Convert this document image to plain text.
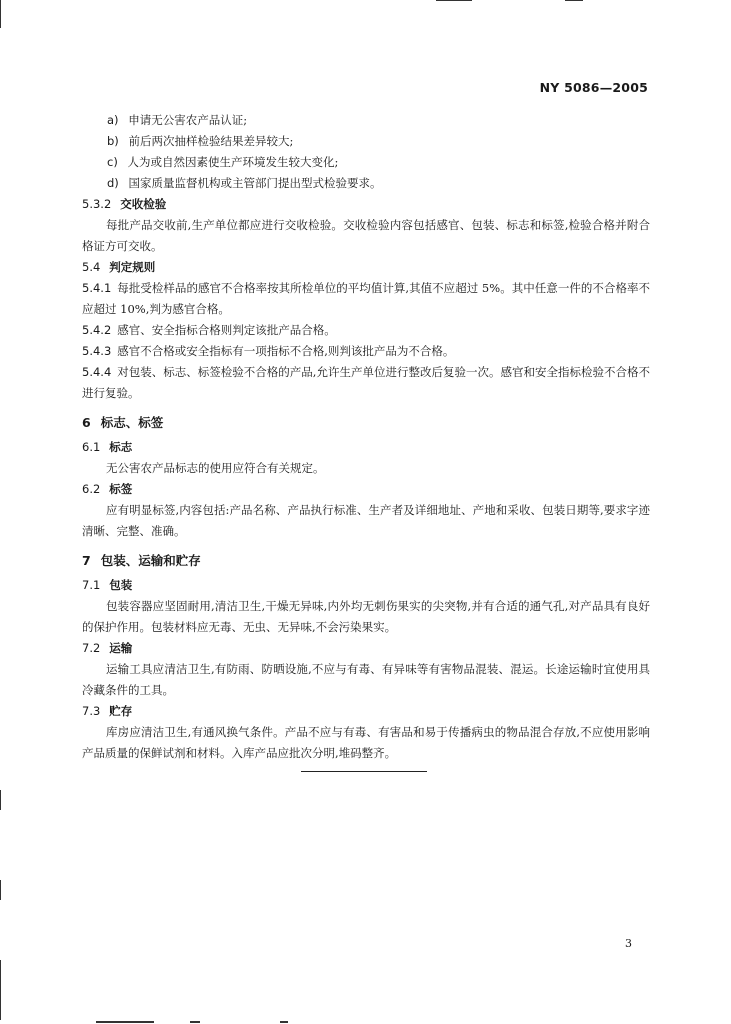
NY 5086—2005
a) 申请无公害农产品认证;
b) 前后两次抽样检验结果差异较大;
c) 人为或自然因素使生产环境发生较大变化;
d) 国家质量监督机构或主管部门提出型式检验要求。
5.3.2 交收检验
每批产品交收前,生产单位都应进行交收检验。交收检验内容包括感官、包装、标志和标签,检验合格并附合格证方可交收。
5.4 判定规则
5.4.1 每批受检样品的感官不合格率按其所检单位的平均值计算,其值不应超过 5%。其中任意一件的不合格率不应超过 10%,判为感官合格。
5.4.2 感官、安全指标合格则判定该批产品合格。
5.4.3 感官不合格或安全指标有一项指标不合格,则判该批产品为不合格。
5.4.4 对包装、标志、标签检验不合格的产品,允许生产单位进行整改后复验一次。感官和安全指标检验不合格不进行复验。
6 标志、标签
6.1 标志
无公害农产品标志的使用应符合有关规定。
6.2 标签
应有明显标签,内容包括:产品名称、产品执行标准、生产者及详细地址、产地和采收、包装日期等,要求字迹清晰、完整、准确。
7 包装、运输和贮存
7.1 包装
包装容器应坚固耐用,清洁卫生,干燥无异味,内外均无刺伤果实的尖突物,并有合适的通气孔,对产品具有良好的保护作用。包装材料应无毒、无虫、无异味,不会污染果实。
7.2 运输
运输工具应清洁卫生,有防雨、防晒设施,不应与有毒、有异味等有害物品混装、混运。长途运输时宜使用具冷藏条件的工具。
7.3 贮存
库房应清洁卫生,有通风换气条件。产品不应与有毒、有害品和易于传播病虫的物品混合存放,不应使用影响产品质量的保鲜试剂和材料。入库产品应批次分明,堆码整齐。
3
